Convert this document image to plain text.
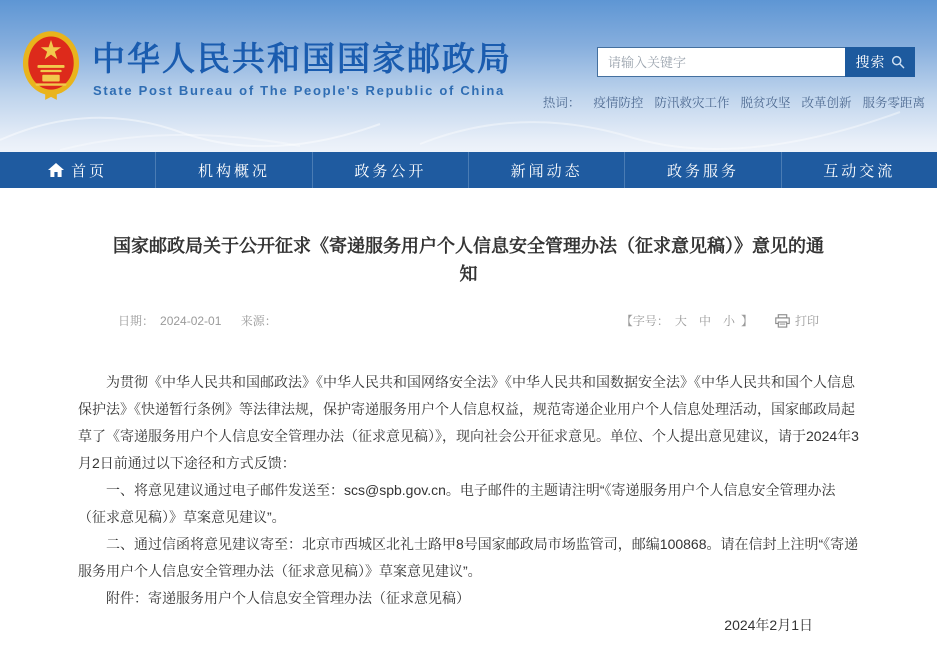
中华人民共和国国家邮政局
State Post Bureau of The People's Republic of China
请输入关键字
搜索
热词： 疫情防控 防汛救灾工作 脱贫攻坚 改革创新 服务零距离
首页	机构概况	政务公开	新闻动态	政务服务	互动交流
国家邮政局关于公开征求《寄递服务用户个人信息安全管理办法（征求意见稿）》意见的通知
日期： 2024-02-01 来源：	【字号： 大 中 小 】	打印

为贯彻《中华人民共和国邮政法》《中华人民共和国网络安全法》《中华人民共和国数据安全法》《中华人民共和国个人信息保护法》《快递暂行条例》等法律法规，保护寄递服务用户个人信息权益，规范寄递企业用户个人信息处理活动，国家邮政局起草了《寄递服务用户个人信息安全管理办法（征求意见稿）》，现向社会公开征求意见。单位、个人提出意见建议，请于2024年3月2日前通过以下途径和方式反馈：

一、将意见建议通过电子邮件发送至：scs@spb.gov.cn。电子邮件的主题请注明“《寄递服务用户个人信息安全管理办法（征求意见稿）》草案意见建议”。

二、通过信函将意见建议寄至：北京市西城区北礼士路甲8号国家邮政局市场监管司，邮编100868。请在信封上注明“《寄递服务用户个人信息安全管理办法（征求意见稿）》草案意见建议”。

附件：寄递服务用户个人信息安全管理办法（征求意见稿）

2024年2月1日
